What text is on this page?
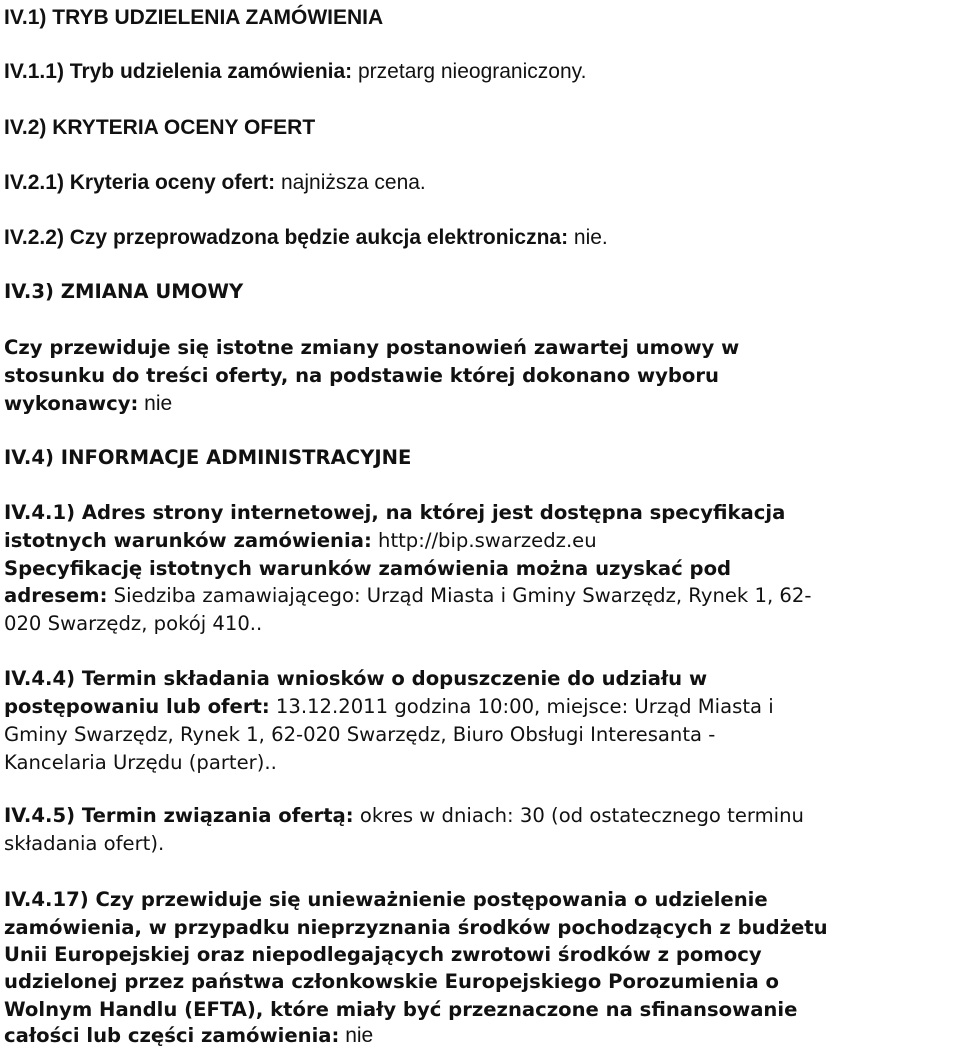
IV.1) TRYB UDZIELENIA ZAMÓWIENIA
IV.1.1) Tryb udzielenia zamówienia: przetarg nieograniczony.
IV.2) KRYTERIA OCENY OFERT
IV.2.1) Kryteria oceny ofert: najniższa cena.
IV.2.2) Czy przeprowadzona będzie aukcja elektroniczna: nie.
IV.3) ZMIANA UMOWY
Czy przewiduje się istotne zmiany postanowień zawartej umowy w
stosunku do treści oferty, na podstawie której dokonano wyboru
wykonawcy: nie
IV.4) INFORMACJE ADMINISTRACYJNE
IV.4.1) Adres strony internetowej, na której jest dostępna specyfikacja
istotnych warunków zamówienia: http://bip.swarzedz.eu
Specyfikację istotnych warunków zamówienia można uzyskać pod
adresem: Siedziba zamawiającego: Urząd Miasta i Gminy Swarzędz, Rynek 1, 62-
020 Swarzędz, pokój 410..
IV.4.4) Termin składania wniosków o dopuszczenie do udziału w
postępowaniu lub ofert: 13.12.2011 godzina 10:00, miejsce: Urząd Miasta i
Gminy Swarzędz, Rynek 1, 62-020 Swarzędz, Biuro Obsługi Interesanta -
Kancelaria Urzędu (parter)..
IV.4.5) Termin związania ofertą: okres w dniach: 30 (od ostatecznego terminu
składania ofert).
IV.4.17) Czy przewiduje się unieważnienie postępowania o udzielenie
zamówienia, w przypadku nieprzyznania środków pochodzących z budżetu
Unii Europejskiej oraz niepodlegających zwrotowi środków z pomocy
udzielonej przez państwa członkowskie Europejskiego Porozumienia o
Wolnym Handlu (EFTA), które miały być przeznaczone na sfinansowanie
całości lub części zamówienia: nie
